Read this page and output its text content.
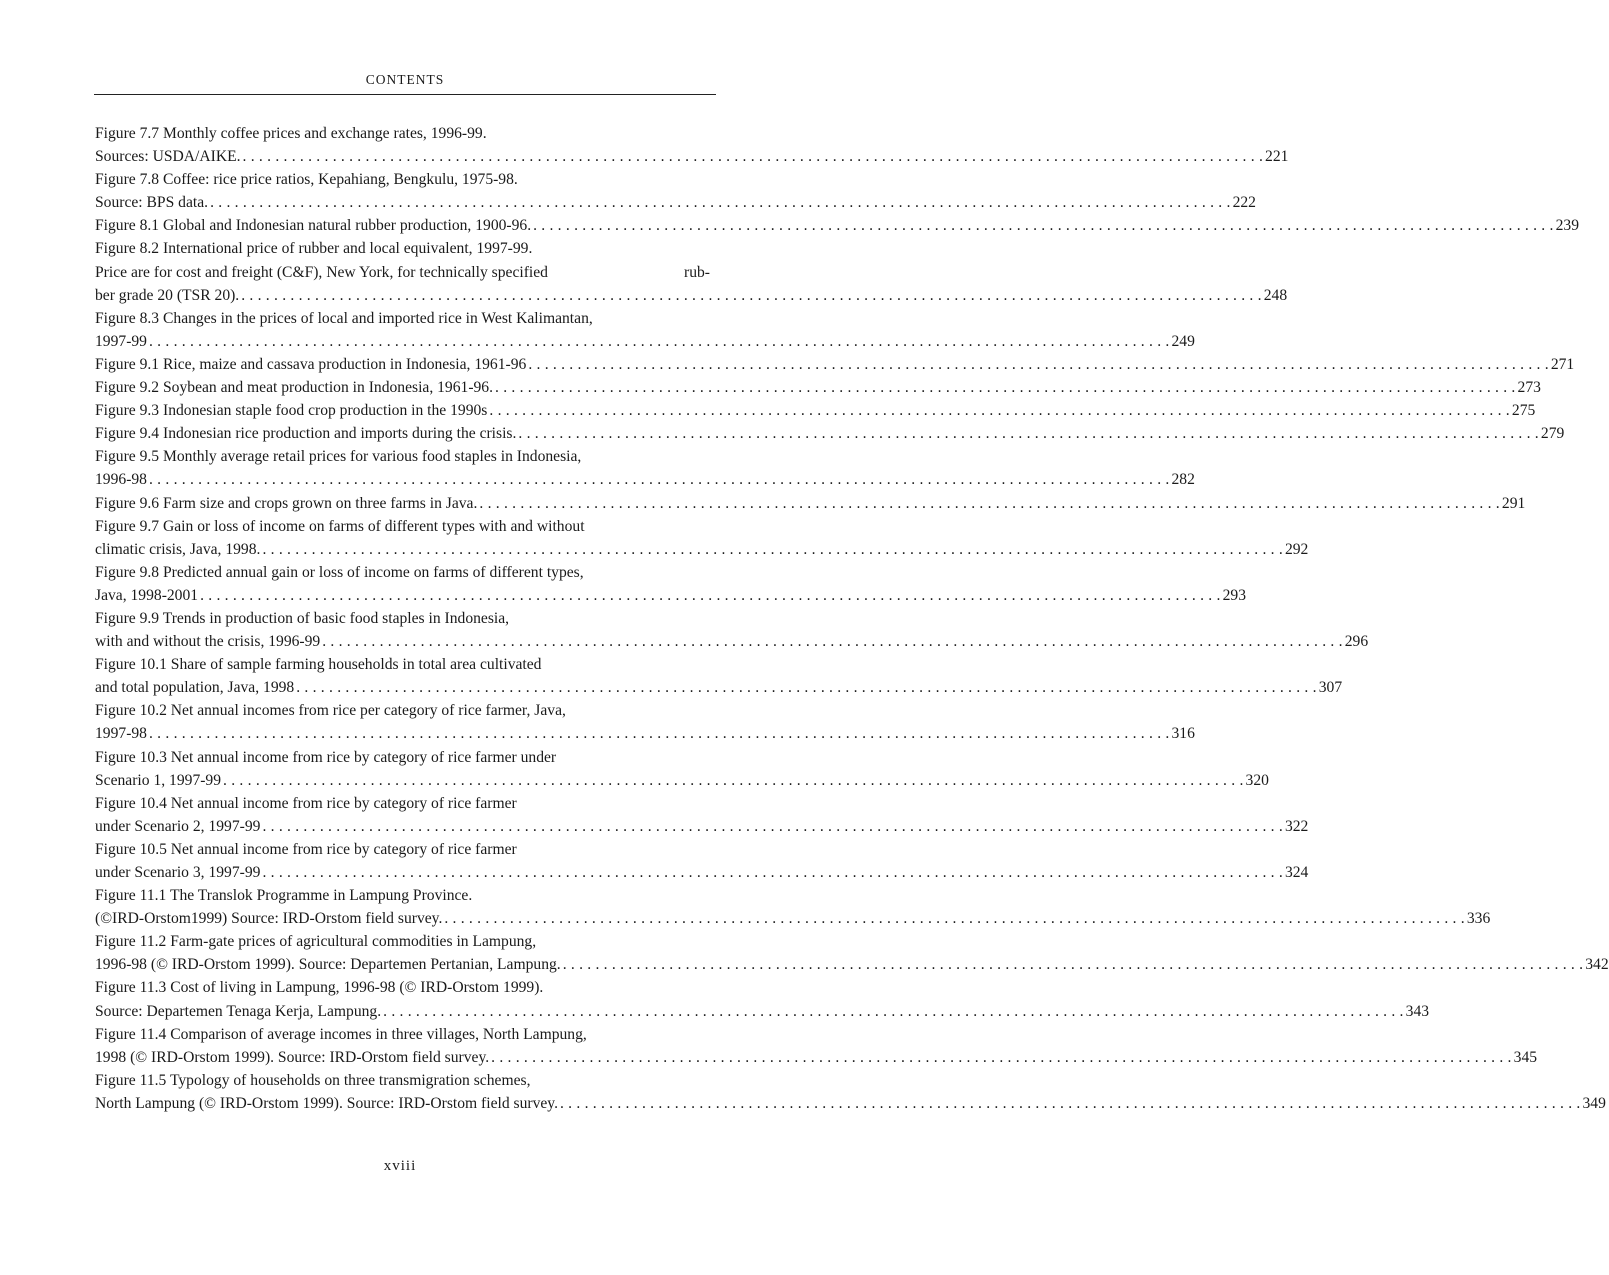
CONTENTS
Figure 7.7 Monthly coffee prices and exchange rates, 1996-99.
Sources: USDA/AIKE. . . .	221
Figure 7.8 Coffee: rice price ratios, Kepahiang, Bengkulu, 1975-98.
Source: BPS data. . . .	222
Figure 8.1 Global and Indonesian natural rubber production, 1900-96. . . .	239
Figure 8.2 International price of rubber and local equivalent, 1997-99.
Price are for cost and freight (C&F), New York, for technically specified	rub-
ber grade 20 (TSR 20). . . .	248
Figure 8.3 Changes in the prices of local and imported rice in West Kalimantan,
1997-99 . . .	249
Figure 9.1 Rice, maize and cassava production in Indonesia, 1961-96 . . .	271
Figure 9.2 Soybean and meat production in Indonesia, 1961-96. . . .	273
Figure 9.3 Indonesian staple food crop production in the 1990s . . .	275
Figure 9.4 Indonesian rice production and imports during the crisis. . . .	279
Figure 9.5 Monthly average retail prices for various food staples in Indonesia,
1996-98 . . .	282
Figure 9.6 Farm size and crops grown on three farms in Java. . . .	291
Figure 9.7 Gain or loss of income on farms of different types with and without
climatic crisis, Java, 1998. . . .	292
Figure 9.8 Predicted annual gain or loss of income on farms of different types,
Java, 1998-2001 . . .	293
Figure 9.9 Trends in production of basic food staples in Indonesia,
with and without the crisis, 1996-99 . . .	296
Figure 10.1 Share of sample farming households in total area cultivated
and total population, Java, 1998 . . .	307
Figure 10.2 Net annual incomes from rice per category of rice farmer, Java,
1997-98 . . .	316
Figure 10.3 Net annual income from rice by category of rice farmer under
Scenario 1, 1997-99 . . .	320
Figure 10.4 Net annual income from rice by category of rice farmer
under Scenario 2, 1997-99 . . .	322
Figure 10.5 Net annual income from rice by category of rice farmer
under Scenario 3, 1997-99 . . .	324
Figure 11.1 The Translok Programme in Lampung Province.
(©IRD-Orstom1999) Source: IRD-Orstom field survey. . . .	336
Figure 11.2 Farm-gate prices of agricultural commodities in Lampung,
1996-98 (© IRD-Orstom 1999). Source: Departemen Pertanian, Lampung. . . .	342
Figure 11.3 Cost of living in Lampung, 1996-98 (© IRD-Orstom 1999).
Source: Departemen Tenaga Kerja, Lampung. . . .	343
Figure 11.4 Comparison of average incomes in three villages, North Lampung,
1998 (© IRD-Orstom 1999). Source: IRD-Orstom field survey. . . .	345
Figure 11.5 Typology of households on three transmigration schemes,
North Lampung (© IRD-Orstom 1999). Source: IRD-Orstom field survey. . . .	349
xviii
